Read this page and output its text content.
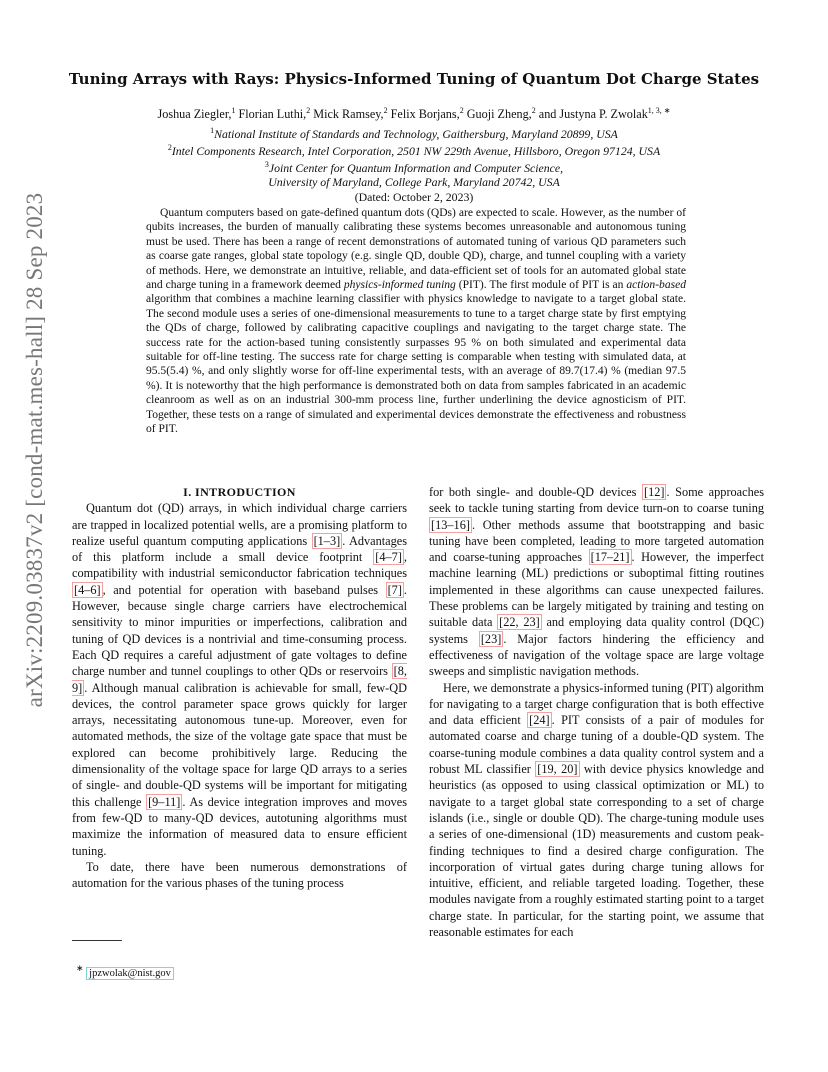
arXiv:2209.03837v2 [cond-mat.mes-hall] 28 Sep 2023
Tuning Arrays with Rays: Physics-Informed Tuning of Quantum Dot Charge States
Joshua Ziegler,$^1$ Florian Luthi,$^2$ Mick Ramsey,$^2$ Felix Borjans,$^2$ Guoji Zheng,$^2$ and Justyna P. Zwolak$^{1, 3, ∗}$
$^1$National Institute of Standards and Technology, Gaithersburg, Maryland 20899, USA
$^2$Intel Components Research, Intel Corporation, 2501 NW 229th Avenue, Hillsboro, Oregon 97124, USA
$^3$Joint Center for Quantum Information and Computer Science,
University of Maryland, College Park, Maryland 20742, USA
(Dated: October 2, 2023)

Quantum computers based on gate-defined quantum dots (QDs) are expected to scale. However, as the number of qubits increases, the burden of manually calibrating these systems becomes unreasonable and autonomous tuning must be used. There has been a range of recent demonstrations of automated tuning of various QD parameters such as coarse gate ranges, global state topology (e.g. single QD, double QD), charge, and tunnel coupling with a variety of methods. Here, we demonstrate an intuitive, reliable, and data-efficient set of tools for an automated global state and charge tuning in a framework deemed physics-informed tuning (PIT). The first module of PIT is an action-based algorithm that combines a machine learning classifier with physics knowledge to navigate to a target global state. The second module uses a series of one-dimensional measurements to tune to a target charge state by first emptying the QDs of charge, followed by calibrating capacitive couplings and navigating to the target charge state. The success rate for the action-based tuning consistently surpasses 95 % on both simulated and experimental data suitable for off-line testing. The success rate for charge setting is comparable when testing with simulated data, at 95.5(5.4) %, and only slightly worse for off-line experimental tests, with an average of 89.7(17.4) % (median 97.5 %). It is noteworthy that the high performance is demonstrated both on data from samples fabricated in an academic cleanroom as well as on an industrial 300-mm process line, further underlining the device agnosticism of PIT. Together, these tests on a range of simulated and experimental devices demonstrate the effectiveness and robustness of PIT.

I. INTRODUCTION

Quantum dot (QD) arrays, in which individual charge carriers are trapped in localized potential wells, are a promising platform to realize useful quantum computing applications [1–3] . Advantages of this platform include a small device footprint [4–7] , compatibility with industrial semiconductor fabrication techniques [4–6] , and potential for operation with baseband pulses [7] . However, because single charge carriers have electrochemical sensitivity to minor impurities or imperfections, calibration and tuning of QD devices is a nontrivial and time-consuming process. Each QD requires a careful adjustment of gate voltages to define charge number and tunnel couplings to other QDs or reservoirs [8, 9] . Although manual calibration is achievable for small, few-QD devices, the control parameter space grows quickly for larger arrays, necessitating autonomous tune-up. Moreover, even for automated methods, the size of the voltage gate space that must be explored can become prohibitively large. Reducing the dimensionality of the voltage space for large QD arrays to a series of single- and double-QD systems will be important for mitigating this challenge [9–11] . As device integration improves and moves from few-QD to many-QD devices, autotuning algorithms must maximize the information of measured data to ensure efficient tuning.

To date, there have been numerous demonstrations of automation for the various phases of the tuning process

for both single- and double-QD devices [12] . Some approaches seek to tackle tuning starting from device turn-on to coarse tuning [13–16] . Other methods assume that bootstrapping and basic tuning have been completed, leading to more targeted automation and coarse-tuning approaches [17–21] . However, the imperfect machine learning (ML) predictions or suboptimal fitting routines implemented in these algorithms can cause unexpected failures. These problems can be largely mitigated by training and testing on suitable data [22, 23] and employing data quality control (DQC) systems [23] . Major factors hindering the efficiency and effectiveness of navigation of the voltage space are large voltage sweeps and simplistic navigation methods.

Here, we demonstrate a physics-informed tuning (PIT) algorithm for navigating to a target charge configuration that is both effective and data efficient [24] . PIT consists of a pair of modules for automated coarse and charge tuning of a double-QD system. The coarse-tuning module combines a data quality control system and a robust ML classifier [19, 20] with device physics knowledge and heuristics (as opposed to using classical optimization or ML) to navigate to a target global state corresponding to a set of charge islands (i.e., single or double QD). The charge-tuning module uses a series of one-dimensional (1D) measurements and custom peak-finding techniques to find a desired charge configuration. The incorporation of virtual gates during charge tuning allows for intuitive, efficient, and reliable targeted loading. Together, these modules navigate from a roughly estimated starting point to a target charge state. In particular, for the starting point, we assume that reasonable estimates for each

∗ jpzwolak@nist.gov
